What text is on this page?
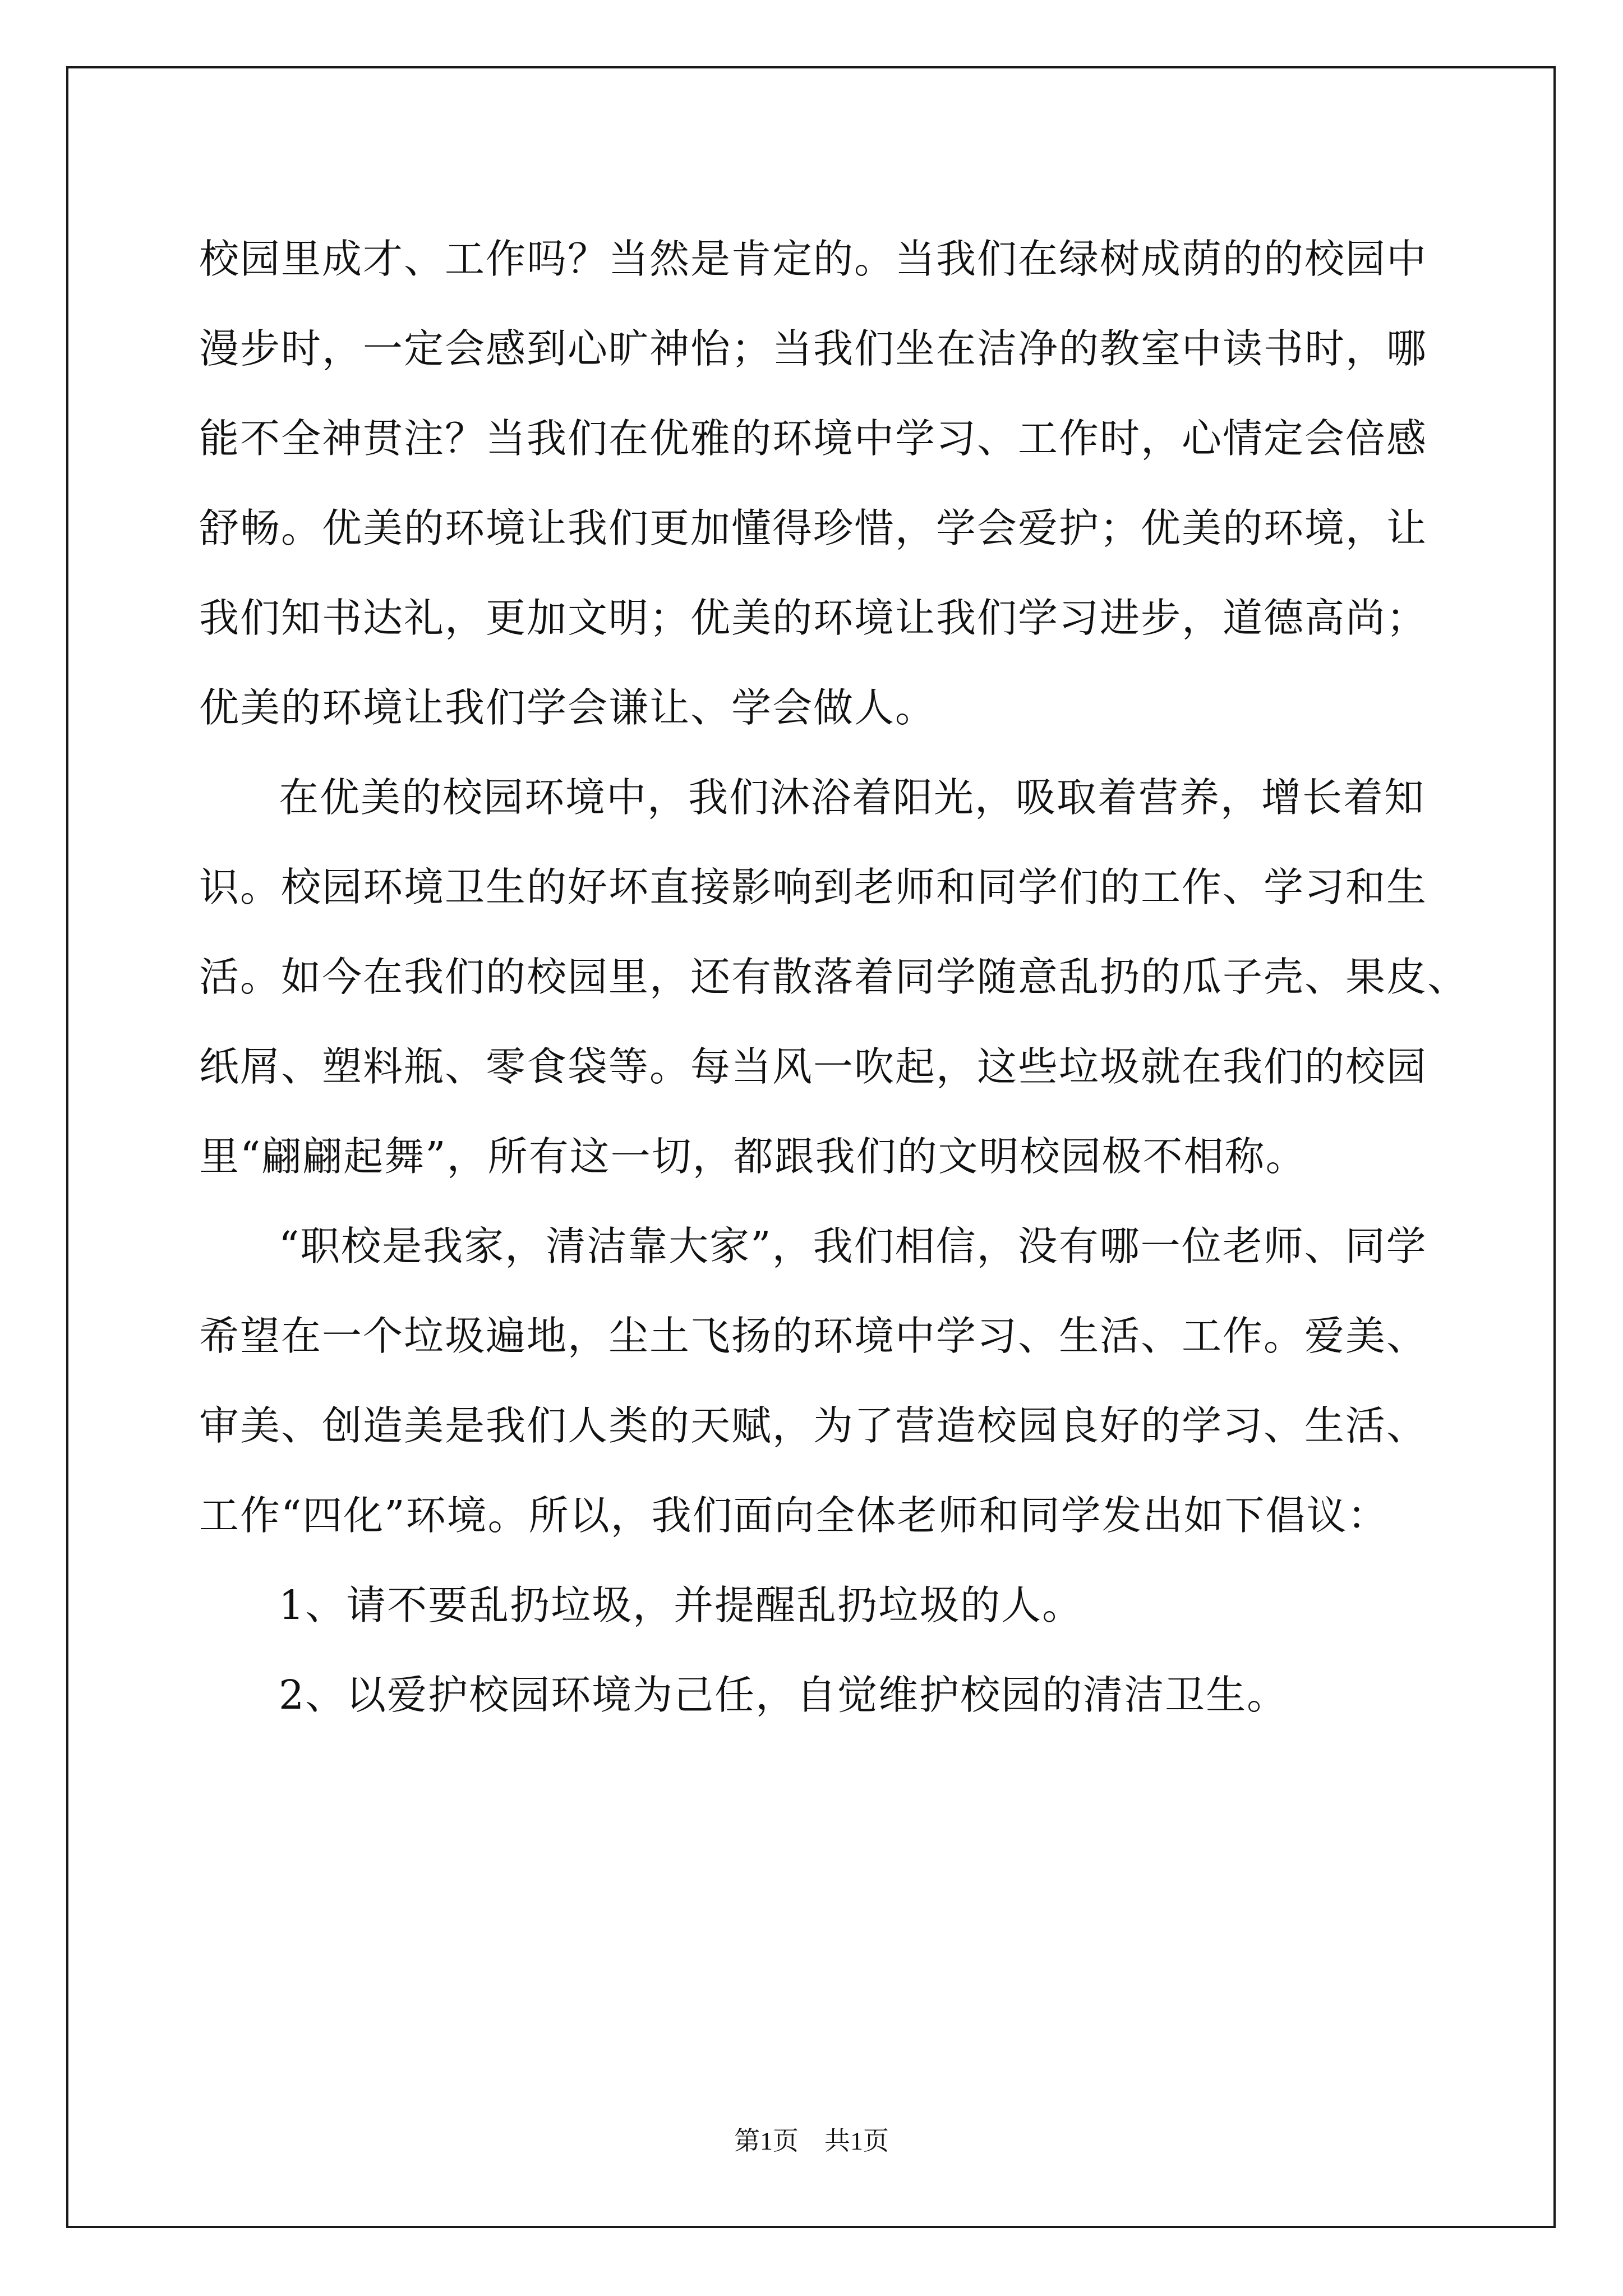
校园里成才、工作吗？当然是肯定的。当我们在绿树成荫的的校园中
漫步时，一定会感到心旷神怡；当我们坐在洁净的教室中读书时，哪
能不全神贯注？当我们在优雅的环境中学习、工作时，心情定会倍感
舒畅。优美的环境让我们更加懂得珍惜，学会爱护；优美的环境，让
我们知书达礼，更加文明；优美的环境让我们学习进步，道德高尚；
优美的环境让我们学会谦让、学会做人。
在优美的校园环境中，我们沐浴着阳光，吸取着营养，增长着知
识。校园环境卫生的好坏直接影响到老师和同学们的工作、学习和生
活。如今在我们的校园里，还有散落着同学随意乱扔的瓜子壳、果皮、
纸屑、塑料瓶、零食袋等。每当风一吹起，这些垃圾就在我们的校园
里“翩翩起舞”，所有这一切，都跟我们的文明校园极不相称。
“职校是我家，清洁靠大家”，我们相信，没有哪一位老师、同学
希望在一个垃圾遍地，尘土飞扬的环境中学习、生活、工作。爱美、
审美、创造美是我们人类的天赋，为了营造校园良好的学习、生活、
工作“四化”环境。所以，我们面向全体老师和同学发出如下倡议：
1、请不要乱扔垃圾，并提醒乱扔垃圾的人。
2、以爱护校园环境为己任，自觉维护校园的清洁卫生。
第1页　共1页
